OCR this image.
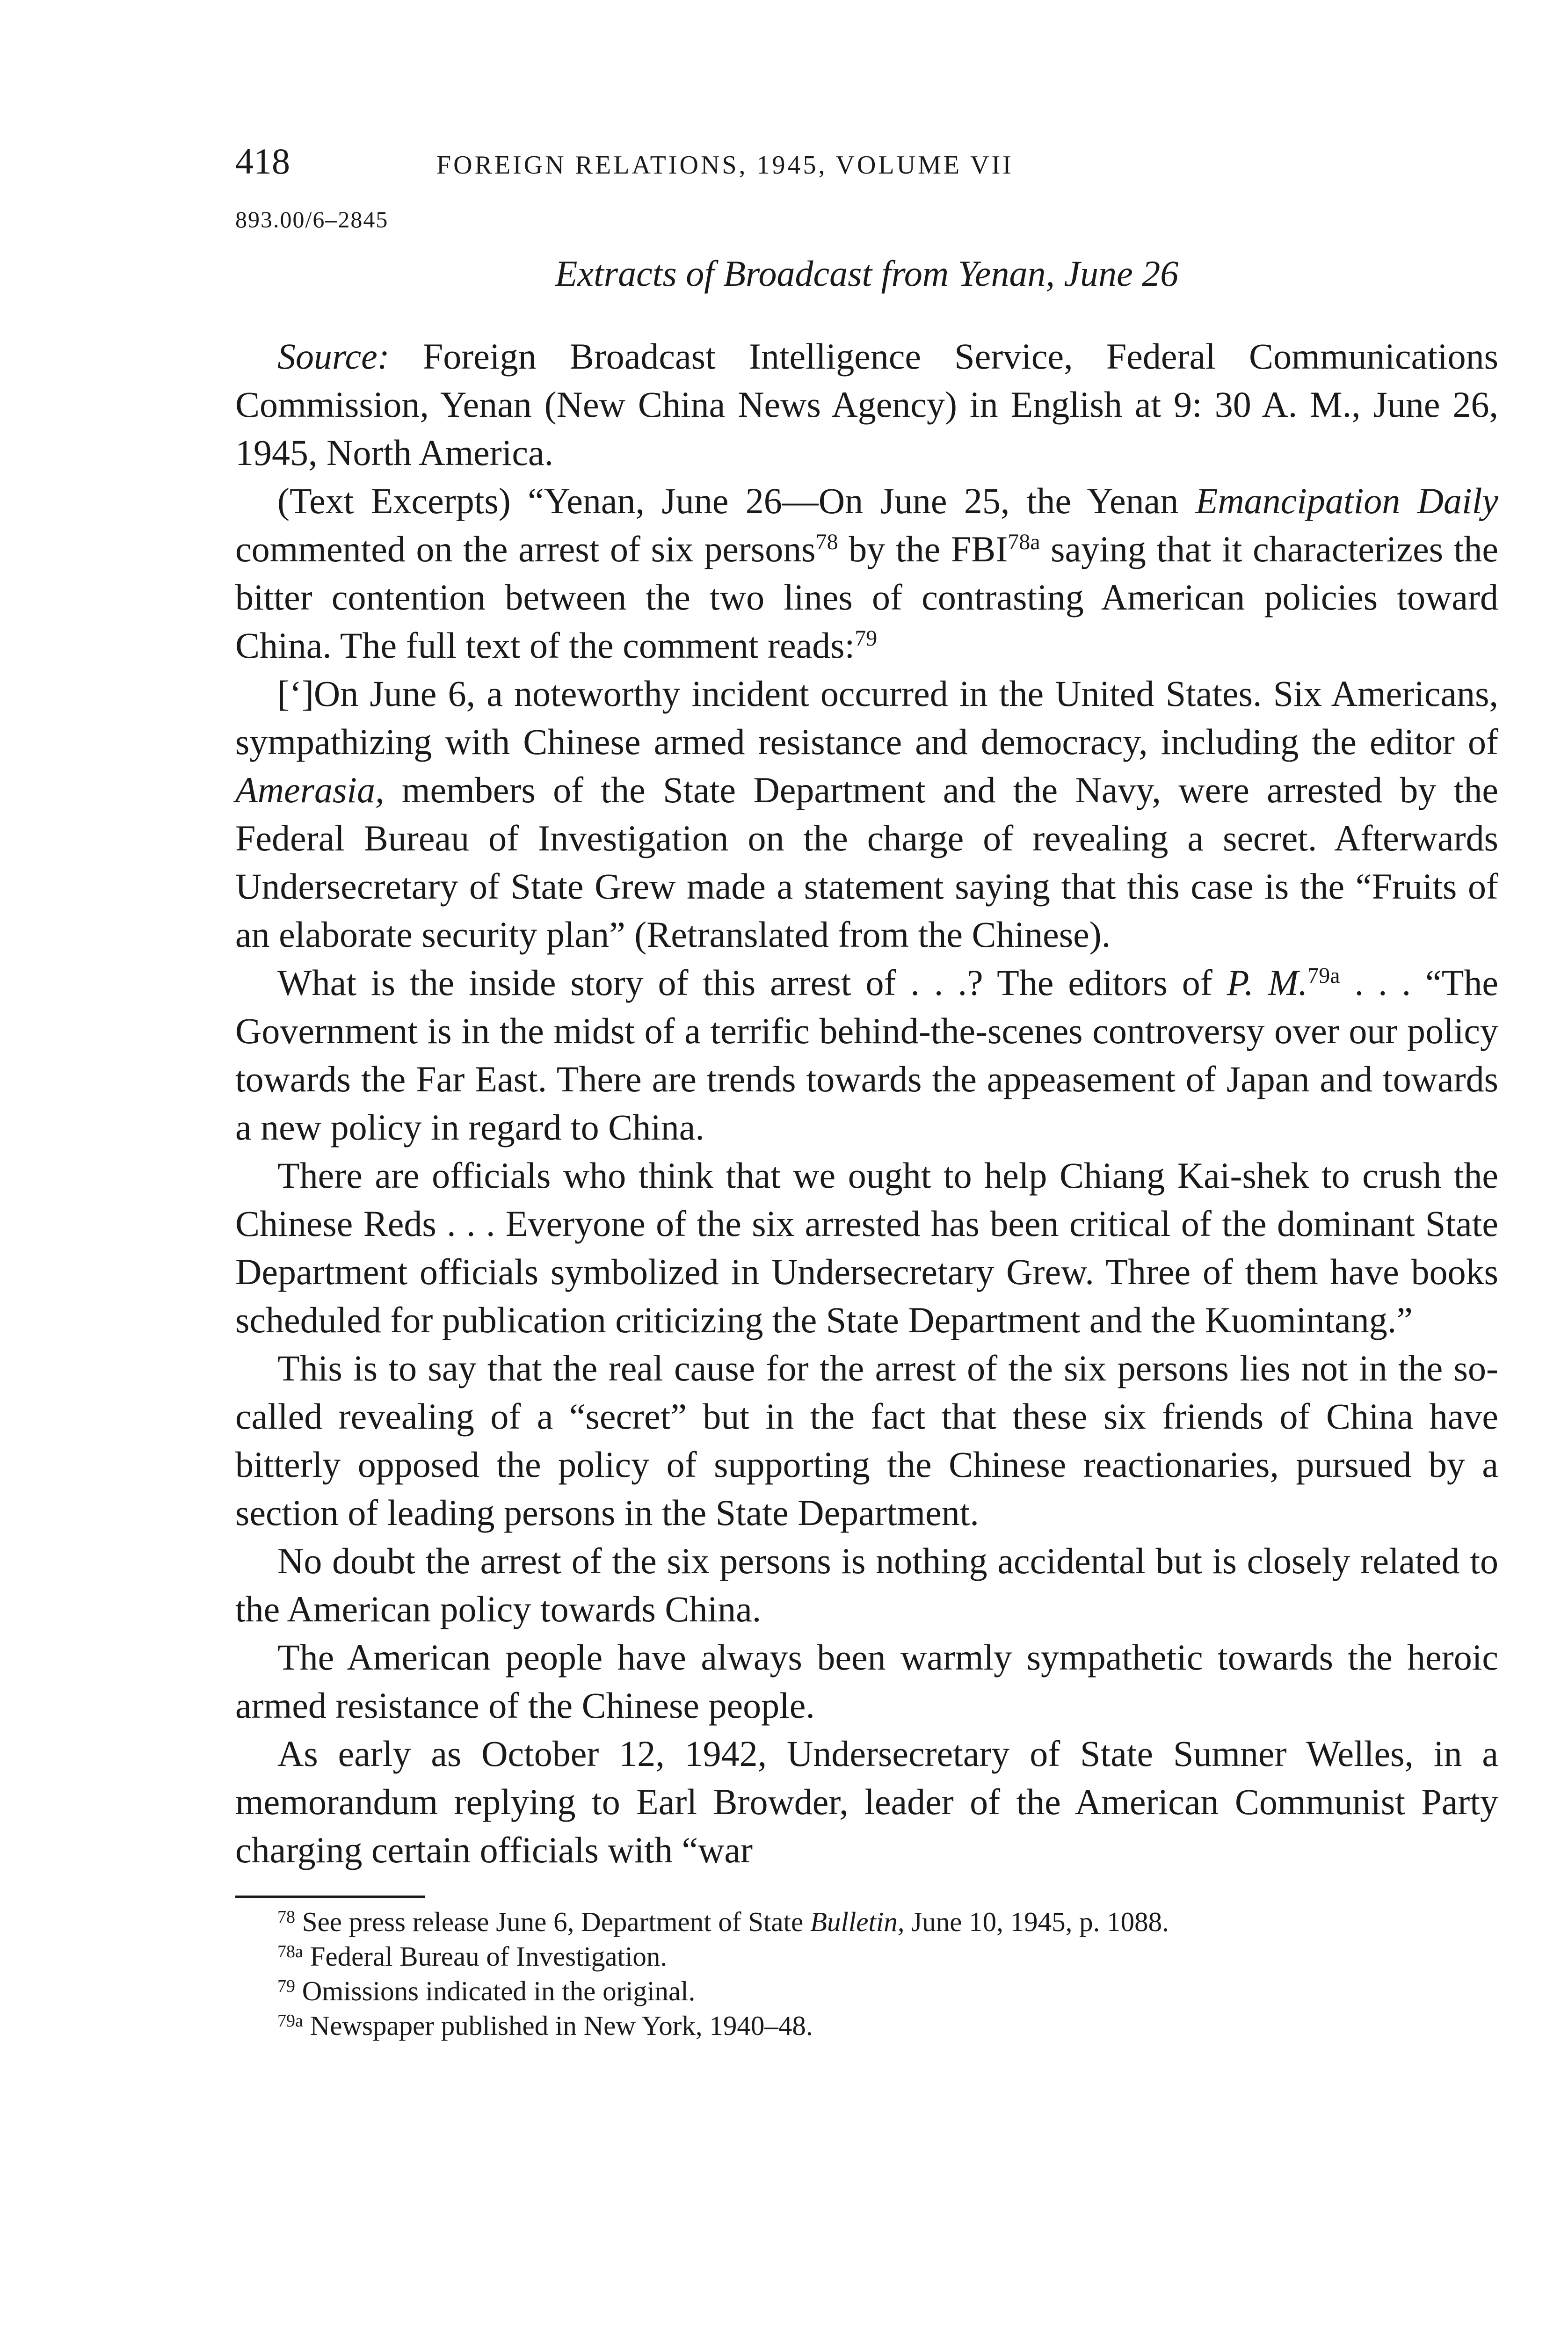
418	FOREIGN RELATIONS, 1945, VOLUME VII
893.00/6–2845
Extracts of Broadcast from Yenan, June 26

Source: Foreign Broadcast Intelligence Service, Federal Communications Commission, Yenan (New China News Agency) in English at 9: 30 A. M., June 26, 1945, North America.

(Text Excerpts) “Yenan, June 26—On June 25, the Yenan Emancipation Daily commented on the arrest of six persons$^{78}$ by the $FBI^{78a}$ saying that it characterizes the bitter contention between the two lines of contrasting American policies toward China. The full text of the comment reads:$^{79}$

[‘]On June 6, a noteworthy incident occurred in the United States. Six Americans, sympathizing with Chinese armed resistance and democracy, including the editor of Amerasia, members of the State Department and the Navy, were arrested by the Federal Bureau of Investigation on the charge of revealing a secret. Afterwards Undersecretary of State Grew made a statement saying that this case is the “Fruits of an elaborate security plan” (Retranslated from the Chinese).

What is the inside story of this arrest of . . .? The editors of P. M.$^{79a}$ . . . “The Government is in the midst of a terrific behind-the-scenes controversy over our policy towards the Far East. There are trends towards the appeasement of Japan and towards a new policy in regard to China.

There are officials who think that we ought to help Chiang Kai-shek to crush the Chinese Reds . . . Everyone of the six arrested has been critical of the dominant State Department officials symbolized in Undersecretary Grew. Three of them have books scheduled for publication criticizing the State Department and the Kuomintang.”

This is to say that the real cause for the arrest of the six persons lies not in the so-called revealing of a “secret” but in the fact that these six friends of China have bitterly opposed the policy of supporting the Chinese reactionaries, pursued by a section of leading persons in the State Department.

No doubt the arrest of the six persons is nothing accidental but is closely related to the American policy towards China.

The American people have always been warmly sympathetic towards the heroic armed resistance of the Chinese people.

As early as October 12, 1942, Undersecretary of State Sumner Welles, in a memorandum replying to Earl Browder, leader of the American Communist Party charging certain officials with “war

$^{78}$ See press release June 6, Department of State Bulletin, June 10, 1945, p. 1088.

$^{78a}$ Federal Bureau of Investigation.

$^{79}$ Omissions indicated in the original.

$^{79a}$ Newspaper published in New York, 1940–48.
